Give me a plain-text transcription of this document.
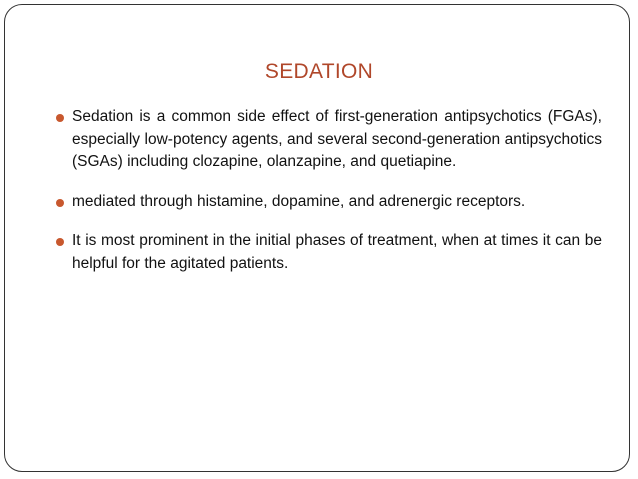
SEDATION
Sedation is a common side effect of first-generation antipsychotics (FGAs), especially low-potency agents, and several second-generation antipsychotics (SGAs) including clozapine, olanzapine, and quetiapine.
mediated through histamine, dopamine, and adrenergic receptors.
It is most prominent in the initial phases of treatment, when at times it can be helpful for the agitated patients.
